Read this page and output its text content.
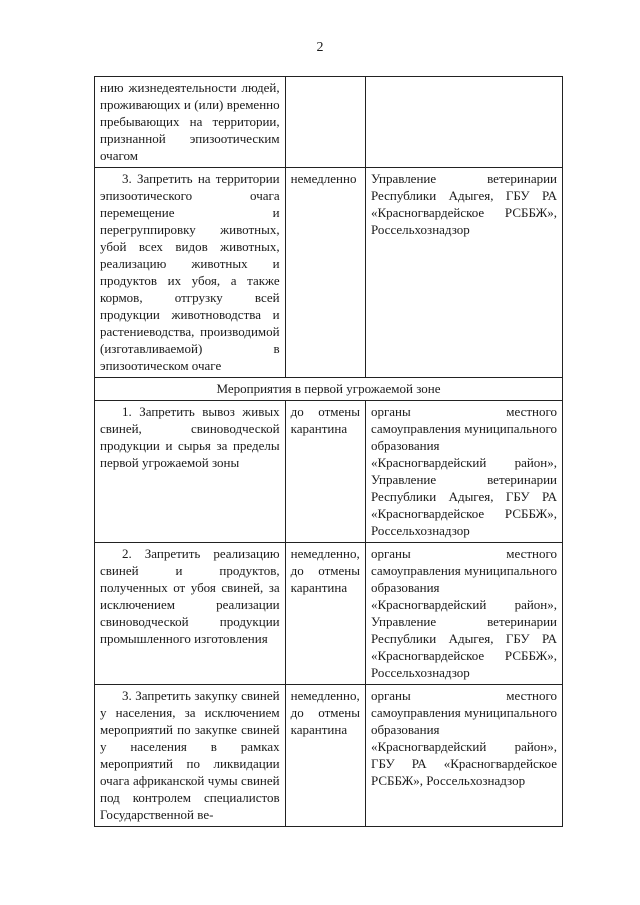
2
нию жизнедеятельности людей, проживающих и (или) временно пребывающих на территории, признанной эпизоотическим очагом		

3. Запретить на территории эпизоотического очага перемещение и перегруппировку животных, убой всех видов животных, реализацию животных и продуктов их убоя, а также кормов, отгрузку всей продукции животноводства и растениеводства, производимой (изготавливаемой) в эпизоотическом очаге	немедленно	Управление ветеринарии Республики Адыгея, ГБУ РА «Красногвардейское РСББЖ», Россельхознадзор

Мероприятия в первой угрожаемой зоне		

1. Запретить вывоз живых свиней, свиноводческой продукции и сырья за пределы первой угрожаемой зоны	до отмены карантина	органы местного самоуправления муниципального образования «Красногвардейский район», Управление ветеринарии Республики Адыгея, ГБУ РА «Красногвардейское РСББЖ», Россельхознадзор

2. Запретить реализацию свиней и продуктов, полученных от убоя свиней, за исключением реализации свиноводческой продукции промышленного изготовления	немедленно, до отмены карантина	органы местного самоуправления муниципального образования «Красногвардейский район», Управление ветеринарии Республики Адыгея, ГБУ РА «Красногвардейское РСББЖ», Россельхознадзор

3. Запретить закупку свиней у населения, за исключением мероприятий по закупке свиней у населения в рамках мероприятий по ликвидации очага африканской чумы свиней под контролем специалистов Государственной ве-	немедленно, до отмены карантина	органы местного самоуправления муниципального образования «Красногвардейский район», ГБУ РА «Красногвардейское РСББЖ», Россельхознадзор
